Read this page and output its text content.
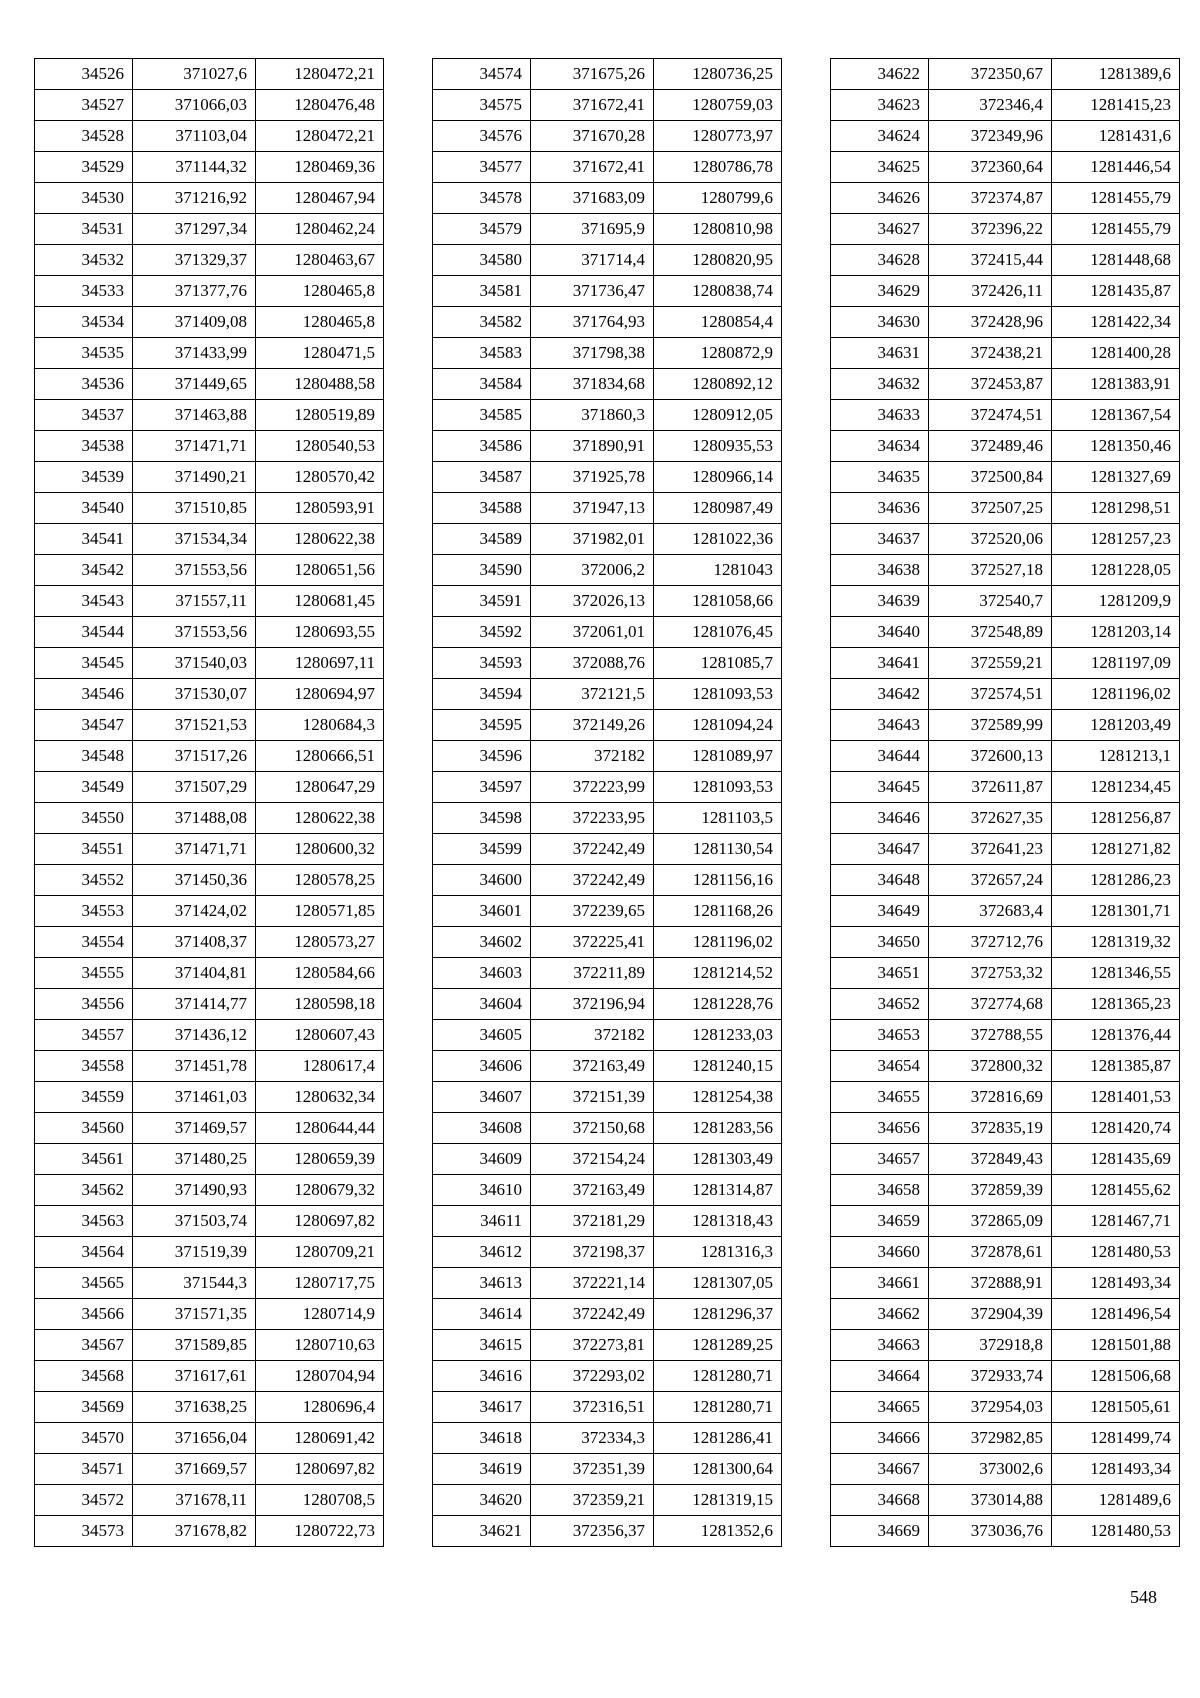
34526	371027,6	1280472,21
34527	371066,03	1280476,48
34528	371103,04	1280472,21
34529	371144,32	1280469,36
34530	371216,92	1280467,94
34531	371297,34	1280462,24
34532	371329,37	1280463,67
34533	371377,76	1280465,8
34534	371409,08	1280465,8
34535	371433,99	1280471,5
34536	371449,65	1280488,58
34537	371463,88	1280519,89
34538	371471,71	1280540,53
34539	371490,21	1280570,42
34540	371510,85	1280593,91
34541	371534,34	1280622,38
34542	371553,56	1280651,56
34543	371557,11	1280681,45
34544	371553,56	1280693,55
34545	371540,03	1280697,11
34546	371530,07	1280694,97
34547	371521,53	1280684,3
34548	371517,26	1280666,51
34549	371507,29	1280647,29
34550	371488,08	1280622,38
34551	371471,71	1280600,32
34552	371450,36	1280578,25
34553	371424,02	1280571,85
34554	371408,37	1280573,27
34555	371404,81	1280584,66
34556	371414,77	1280598,18
34557	371436,12	1280607,43
34558	371451,78	1280617,4
34559	371461,03	1280632,34
34560	371469,57	1280644,44
34561	371480,25	1280659,39
34562	371490,93	1280679,32
34563	371503,74	1280697,82
34564	371519,39	1280709,21
34565	371544,3	1280717,75
34566	371571,35	1280714,9
34567	371589,85	1280710,63
34568	371617,61	1280704,94
34569	371638,25	1280696,4
34570	371656,04	1280691,42
34571	371669,57	1280697,82
34572	371678,11	1280708,5
34573	371678,82	1280722,73
34574	371675,26	1280736,25
34575	371672,41	1280759,03
34576	371670,28	1280773,97
34577	371672,41	1280786,78
34578	371683,09	1280799,6
34579	371695,9	1280810,98
34580	371714,4	1280820,95
34581	371736,47	1280838,74
34582	371764,93	1280854,4
34583	371798,38	1280872,9
34584	371834,68	1280892,12
34585	371860,3	1280912,05
34586	371890,91	1280935,53
34587	371925,78	1280966,14
34588	371947,13	1280987,49
34589	371982,01	1281022,36
34590	372006,2	1281043
34591	372026,13	1281058,66
34592	372061,01	1281076,45
34593	372088,76	1281085,7
34594	372121,5	1281093,53
34595	372149,26	1281094,24
34596	372182	1281089,97
34597	372223,99	1281093,53
34598	372233,95	1281103,5
34599	372242,49	1281130,54
34600	372242,49	1281156,16
34601	372239,65	1281168,26
34602	372225,41	1281196,02
34603	372211,89	1281214,52
34604	372196,94	1281228,76
34605	372182	1281233,03
34606	372163,49	1281240,15
34607	372151,39	1281254,38
34608	372150,68	1281283,56
34609	372154,24	1281303,49
34610	372163,49	1281314,87
34611	372181,29	1281318,43
34612	372198,37	1281316,3
34613	372221,14	1281307,05
34614	372242,49	1281296,37
34615	372273,81	1281289,25
34616	372293,02	1281280,71
34617	372316,51	1281280,71
34618	372334,3	1281286,41
34619	372351,39	1281300,64
34620	372359,21	1281319,15
34621	372356,37	1281352,6
34622	372350,67	1281389,6
34623	372346,4	1281415,23
34624	372349,96	1281431,6
34625	372360,64	1281446,54
34626	372374,87	1281455,79
34627	372396,22	1281455,79
34628	372415,44	1281448,68
34629	372426,11	1281435,87
34630	372428,96	1281422,34
34631	372438,21	1281400,28
34632	372453,87	1281383,91
34633	372474,51	1281367,54
34634	372489,46	1281350,46
34635	372500,84	1281327,69
34636	372507,25	1281298,51
34637	372520,06	1281257,23
34638	372527,18	1281228,05
34639	372540,7	1281209,9
34640	372548,89	1281203,14
34641	372559,21	1281197,09
34642	372574,51	1281196,02
34643	372589,99	1281203,49
34644	372600,13	1281213,1
34645	372611,87	1281234,45
34646	372627,35	1281256,87
34647	372641,23	1281271,82
34648	372657,24	1281286,23
34649	372683,4	1281301,71
34650	372712,76	1281319,32
34651	372753,32	1281346,55
34652	372774,68	1281365,23
34653	372788,55	1281376,44
34654	372800,32	1281385,87
34655	372816,69	1281401,53
34656	372835,19	1281420,74
34657	372849,43	1281435,69
34658	372859,39	1281455,62
34659	372865,09	1281467,71
34660	372878,61	1281480,53
34661	372888,91	1281493,34
34662	372904,39	1281496,54
34663	372918,8	1281501,88
34664	372933,74	1281506,68
34665	372954,03	1281505,61
34666	372982,85	1281499,74
34667	373002,6	1281493,34
34668	373014,88	1281489,6
34669	373036,76	1281480,53
548
